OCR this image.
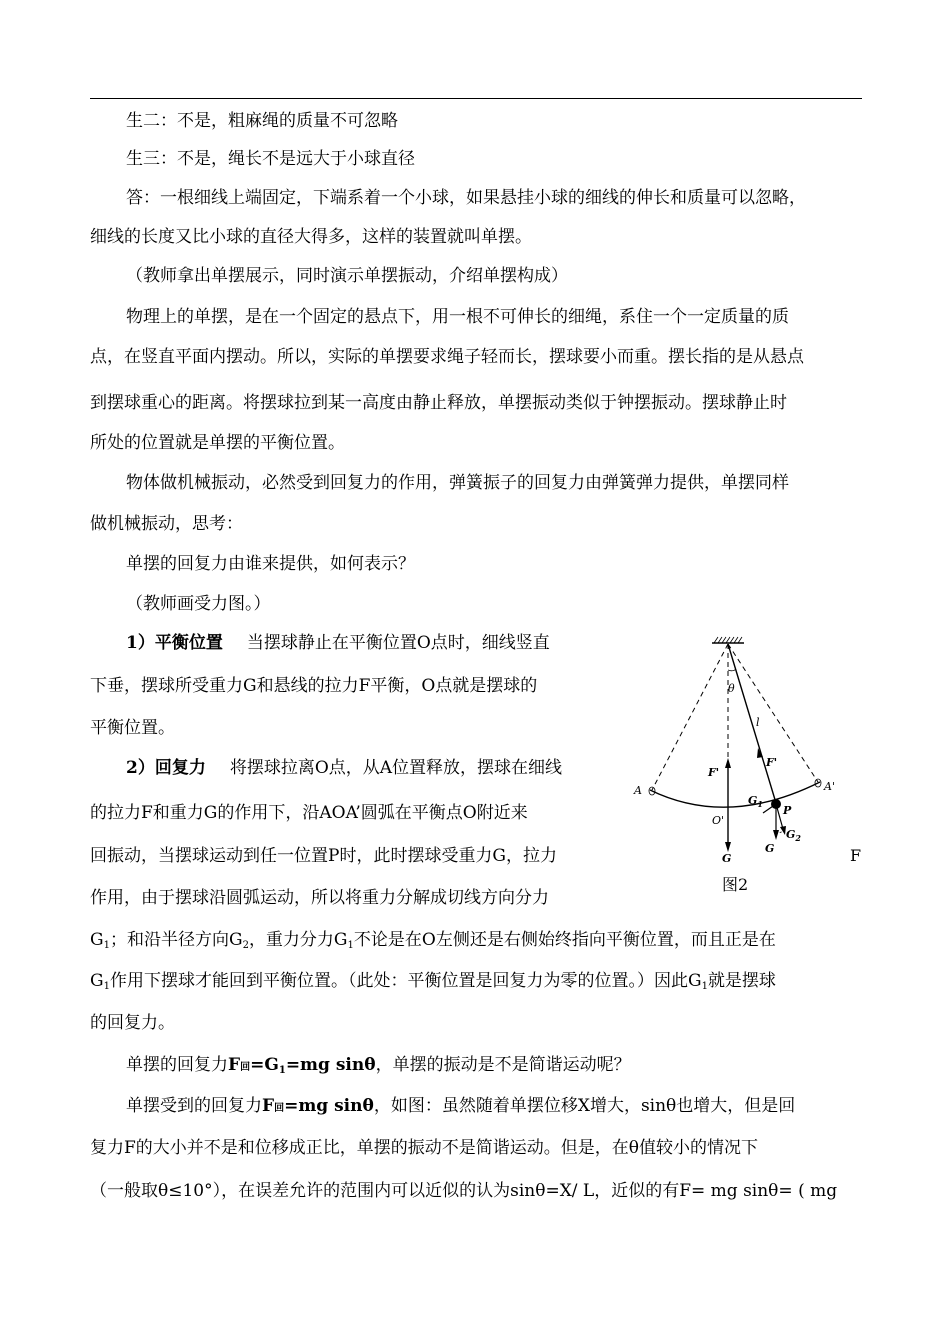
生二：不是，粗麻绳的质量不可忽略
生三：不是，绳长不是远大于小球直径
答：一根细线上端固定，下端系着一个小球，如果悬挂小球的细线的伸长和质量可以忽略，
细线的长度又比小球的直径大得多，这样的装置就叫单摆。
（教师拿出单摆展示，同时演示单摆振动，介绍单摆构成）
物理上的单摆，是在一个固定的悬点下，用一根不可伸长的细绳，系住一个一定质量的质
点，在竖直平面内摆动。所以，实际的单摆要求绳子轻而长，摆球要小而重。摆长指的是从悬点
到摆球重心的距离。将摆球拉到某一高度由静止释放，单摆振动类似于钟摆振动。摆球静止时
所处的位置就是单摆的平衡位置。
物体做机械振动，必然受到回复力的作用，弹簧振子的回复力由弹簧弹力提供，单摆同样
做机械振动，思考：
单摆的回复力由谁来提供，如何表示？
（教师画受力图。）
1）平衡位置 当摆球静止在平衡位置O点时，细线竖直
下垂，摆球所受重力G和悬线的拉力F平衡，O点就是摆球的
平衡位置。
2）回复力 将摆球拉离O点，从A位置释放，摆球在细线
的拉力F和重力G的作用下，沿AOA’圆弧在平衡点O附近来
回振动，当摆球运动到任一位置P时，此时摆球受重力G，拉力
作用，由于摆球沿圆弧运动，所以将重力分解成切线方向分力
$G_1$；和沿半径方向$G_2$，重力分力$G_1$不论是在O左侧还是右侧始终指向平衡位置，而且正是在
$G_1$作用下摆球才能回到平衡位置。（此处：平衡位置是回复力为零的位置。）因此$G_1$就是摆球
的回复力。
单摆的回复力F回$=G_1=mg$ sinθ，单摆的振动是不是简谐运动呢？
单摆受到的回复力F回=mg sinθ，如图：虽然随着单摆位移X增大，sinθ也增大，但是回
复力F的大小并不是和位移成正比，单摆的振动不是简谐运动。但是，在θ值较小的情况下
（一般取θ≤10°），在误差允许的范围内可以近似的认为sinθ=X/ L，近似的有F= mg sinθ= ( mg
θ
l
A	A'
F'
F'
O'
G
$G_1$ P
$G_2$
G
图2
F
